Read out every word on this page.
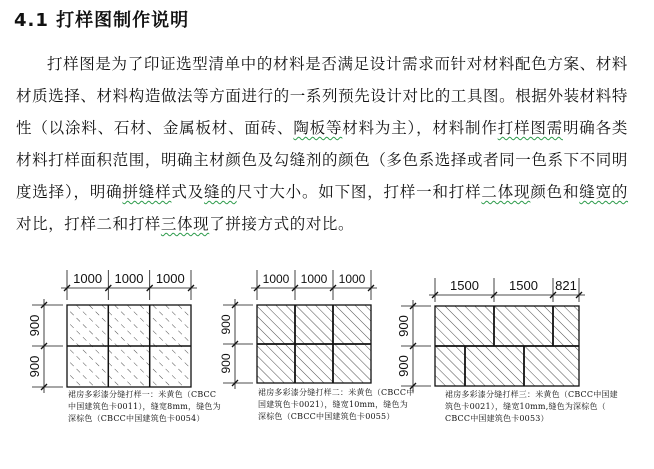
4.1 打样图制作说明
打样图是为了印证选型清单中的材料是否满足设计需求而针对材料配色方案、材料材质选择、材料构造做法等方面进行的一系列预先设计对比的工具图。根据外装材料特性（以涂料、石材、金属板材、面砖、陶板等材料为主），材料制作打样图需明确各类材料打样面积范围，明确主材颜色及勾缝剂的颜色（多色系选择或者同一色系下不同明度选择），明确拼缝样式及缝的尺寸大小。如下图，打样一和打样二体现颜色和缝宽的对比，打样二和打样三体现了拼接方式的对比。
1000 1000 1000
900
900
1000 1000 1000
900
900
1500 1500 821
900
900
裙房多彩漆分缝打样一：米黄色（CBCC
中国建筑色卡0011），缝宽8mm，缝色为
深棕色（CBCC中国建筑色卡0054）
裙房多彩漆分缝打样二：米黄色（CBCC中
国建筑色卡0021），缝宽10mm，缝色为
深棕色（CBCC中国建筑色卡0055）
裙房多彩漆分缝打样三：米黄色（CBCC中国建
筑色卡0021），缝宽10mm,缝色为深棕色（
CBCC中国建筑色卡0053）
